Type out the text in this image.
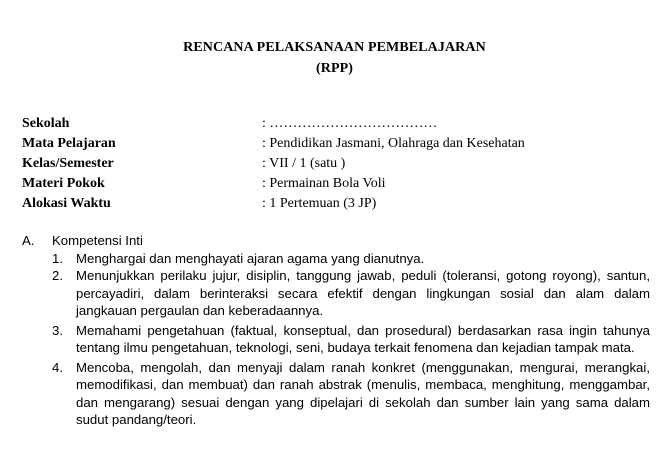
RENCANA PELAKSANAAN PEMBELAJARAN
(RPP)
Sekolah	: ………………………………
Mata Pelajaran	: Pendidikan Jasmani, Olahraga dan Kesehatan
Kelas/Semester	: VII / 1 (satu )
Materi Pokok	: Permainan Bola Voli
Alokasi Waktu	: 1 Pertemuan (3 JP)
A. Kompetensi Inti
1. Menghargai dan menghayati ajaran agama yang dianutnya.
2. Menunjukkan perilaku jujur, disiplin, tanggung jawab, peduli (toleransi, gotong royong), santun, percayadiri, dalam berinteraksi secara efektif dengan lingkungan sosial dan alam dalam jangkauan pergaulan dan keberadaannya.
3. Memahami pengetahuan (faktual, konseptual, dan prosedural) berdasarkan rasa ingin tahunya tentang ilmu pengetahuan, teknologi, seni, budaya terkait fenomena dan kejadian tampak mata.
4. Mencoba, mengolah, dan menyaji dalam ranah konkret (menggunakan, mengurai, merangkai, memodifikasi, dan membuat) dan ranah abstrak (menulis, membaca, menghitung, menggambar, dan mengarang) sesuai dengan yang dipelajari di sekolah dan sumber lain yang sama dalam sudut pandang/teori.
